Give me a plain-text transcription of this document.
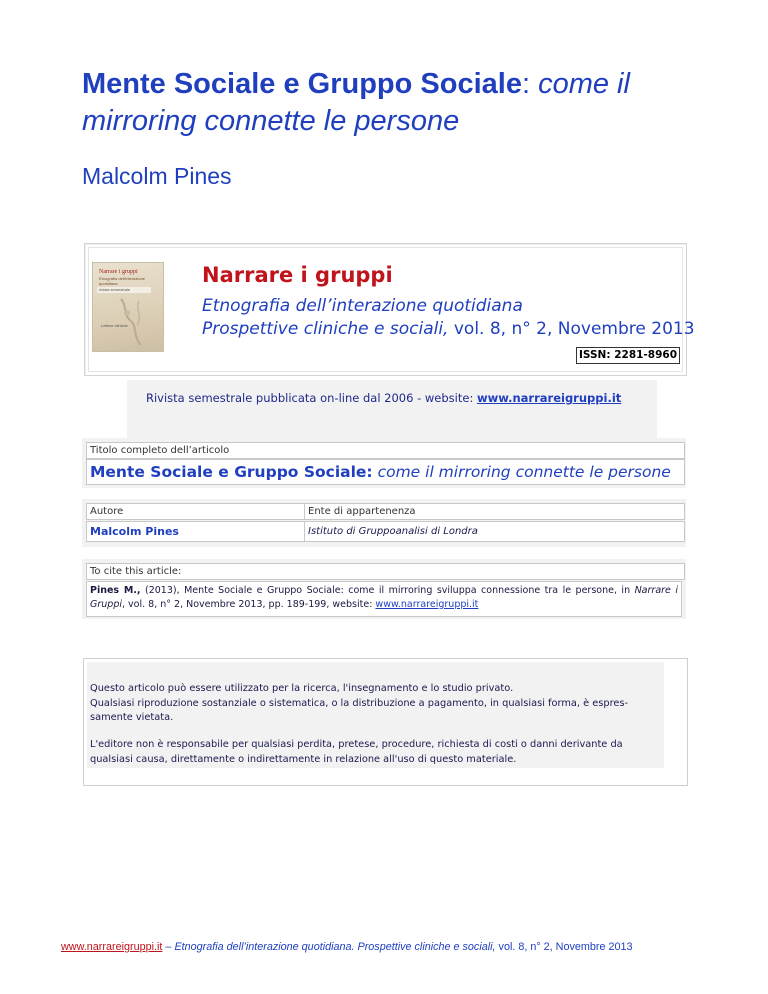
Mente Sociale e Gruppo Sociale: come il mirroring connette le persone
Malcolm Pines
Narrare i gruppi
Etnografia dell'interazione quotidiana
rivista semestrale
Lettere cliniche
Narrare i gruppi
Etnografia dell’interazione quotidiana
Prospettive cliniche e sociali, vol. 8, n° 2, Novembre 2013
ISSN: 2281-8960
Rivista semestrale pubblicata on-line dal 2006 - website: www.narrareigruppi.it
Titolo completo dell’articolo
Mente Sociale e Gruppo Sociale: come il mirroring connette le persone
Autore	Ente di appartenenza
Malcolm Pines	Istituto di Gruppoanalisi di Londra
To cite this article:
Pines M., (2013), Mente Sociale e Gruppo Sociale: come il mirroring sviluppa connessione tra le persone, in Narrare i Gruppi, vol. 8, n° 2, Novembre 2013, pp. 189-199, website: www.narrareigruppi.it

Questo articolo può essere utilizzato per la ricerca, l'insegnamento e lo studio privato.

Qualsiasi riproduzione sostanziale o sistematica, o la distribuzione a pagamento, in qualsiasi forma, è espres-

samente vietata.

L'editore non è responsabile per qualsiasi perdita, pretese, procedure, richiesta di costi o danni derivante da

qualsiasi causa, direttamente o indirettamente in relazione all'uso di questo materiale.

www.narrareigruppi.it – Etnografia dell’interazione quotidiana. Prospettive cliniche e sociali, vol. 8, n° 2, Novembre 2013
